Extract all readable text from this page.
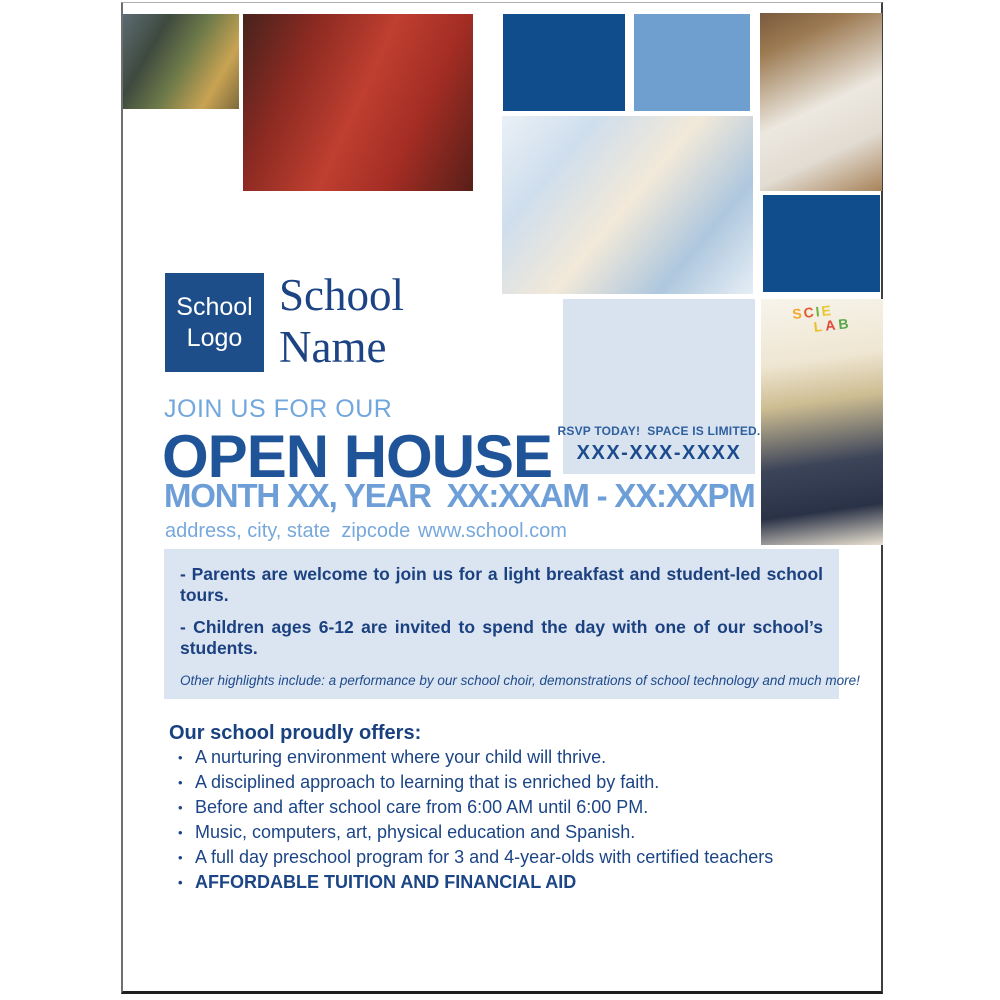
RSVP TODAY!  SPACE IS LIMITED.
XXX-XXX-XXXX
SCIE
LAB
School
Logo
School
Name
JOIN US FOR OUR
OPEN HOUSE
MONTH XX, YEAR  XX:XXAM - XX:XXPM
address, city, state  zipcode www.school.com

- Parents are welcome to join us for a light breakfast and student-led school tours.

- Children ages 6-12 are invited to spend the day with one of our school’s students.

Other highlights include: a performance by our school choir, demonstrations of school technology and much more!

Our school proudly offers:
• A nurturing environment where your child will thrive.
• A disciplined approach to learning that is enriched by faith.
• Before and after school care from 6:00 AM until 6:00 PM.
• Music, computers, art, physical education and Spanish.
• A full day preschool program for 3 and 4-year-olds with certified teachers
• AFFORDABLE TUITION AND FINANCIAL AID
